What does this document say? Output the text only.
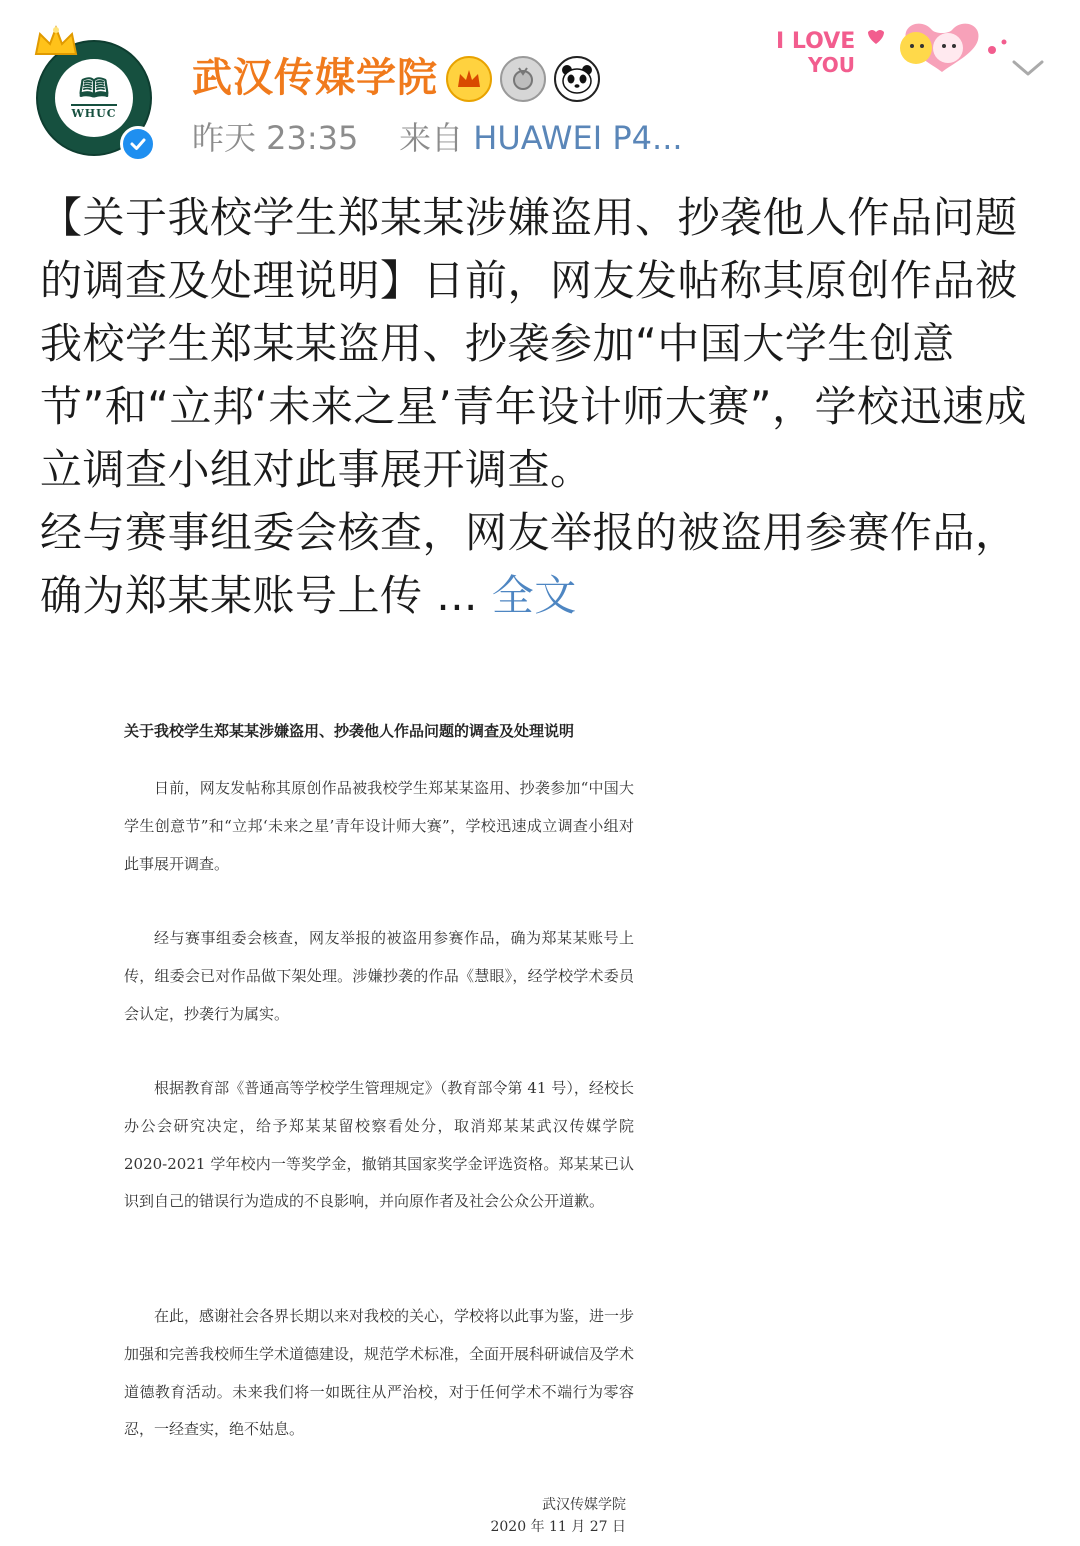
🕮
WHUC
武汉传媒学院
昨天 23:35 来自 HUAWEI P4...
I LOVE
YOU

【关于我校学生郑某某涉嫌盗用、抄袭他人作品问题的调查及处理说明】日前，网友发帖称其原创作品被我校学生郑某某盗用、抄袭参加“中国大学生创意节”和“立邦‘未来之星’青年设计师大赛”，学校迅速成立调查小组对此事展开调查。

经与赛事组委会核查，网友举报的被盗用参赛作品，确为郑某某账号上传 ... 全文

关于我校学生郑某某涉嫌盗用、抄袭他人作品问题的调查及处理说明

日前，网友发帖称其原创作品被我校学生郑某某盗用、抄袭参加“中国大学生创意节”和“立邦‘未来之星’青年设计师大赛”，学校迅速成立调查小组对此事展开调查。

经与赛事组委会核查，网友举报的被盗用参赛作品，确为郑某某账号上传，组委会已对作品做下架处理。涉嫌抄袭的作品《慧眼》，经学校学术委员会认定，抄袭行为属实。

根据教育部《普通高等学校学生管理规定》（教育部令第 41 号），经校长办公会研究决定，给予郑某某留校察看处分，取消郑某某武汉传媒学院 2020-2021 学年校内一等奖学金，撤销其国家奖学金评选资格。郑某某已认识到自己的错误行为造成的不良影响，并向原作者及社会公众公开道歉。

在此，感谢社会各界长期以来对我校的关心，学校将以此事为鉴，进一步加强和完善我校师生学术道德建设，规范学术标准，全面开展科研诚信及学术道德教育活动。未来我们将一如既往从严治校，对于任何学术不端行为零容忍，一经查实，绝不姑息。

武汉传媒学院
2020 年 11 月 27 日
